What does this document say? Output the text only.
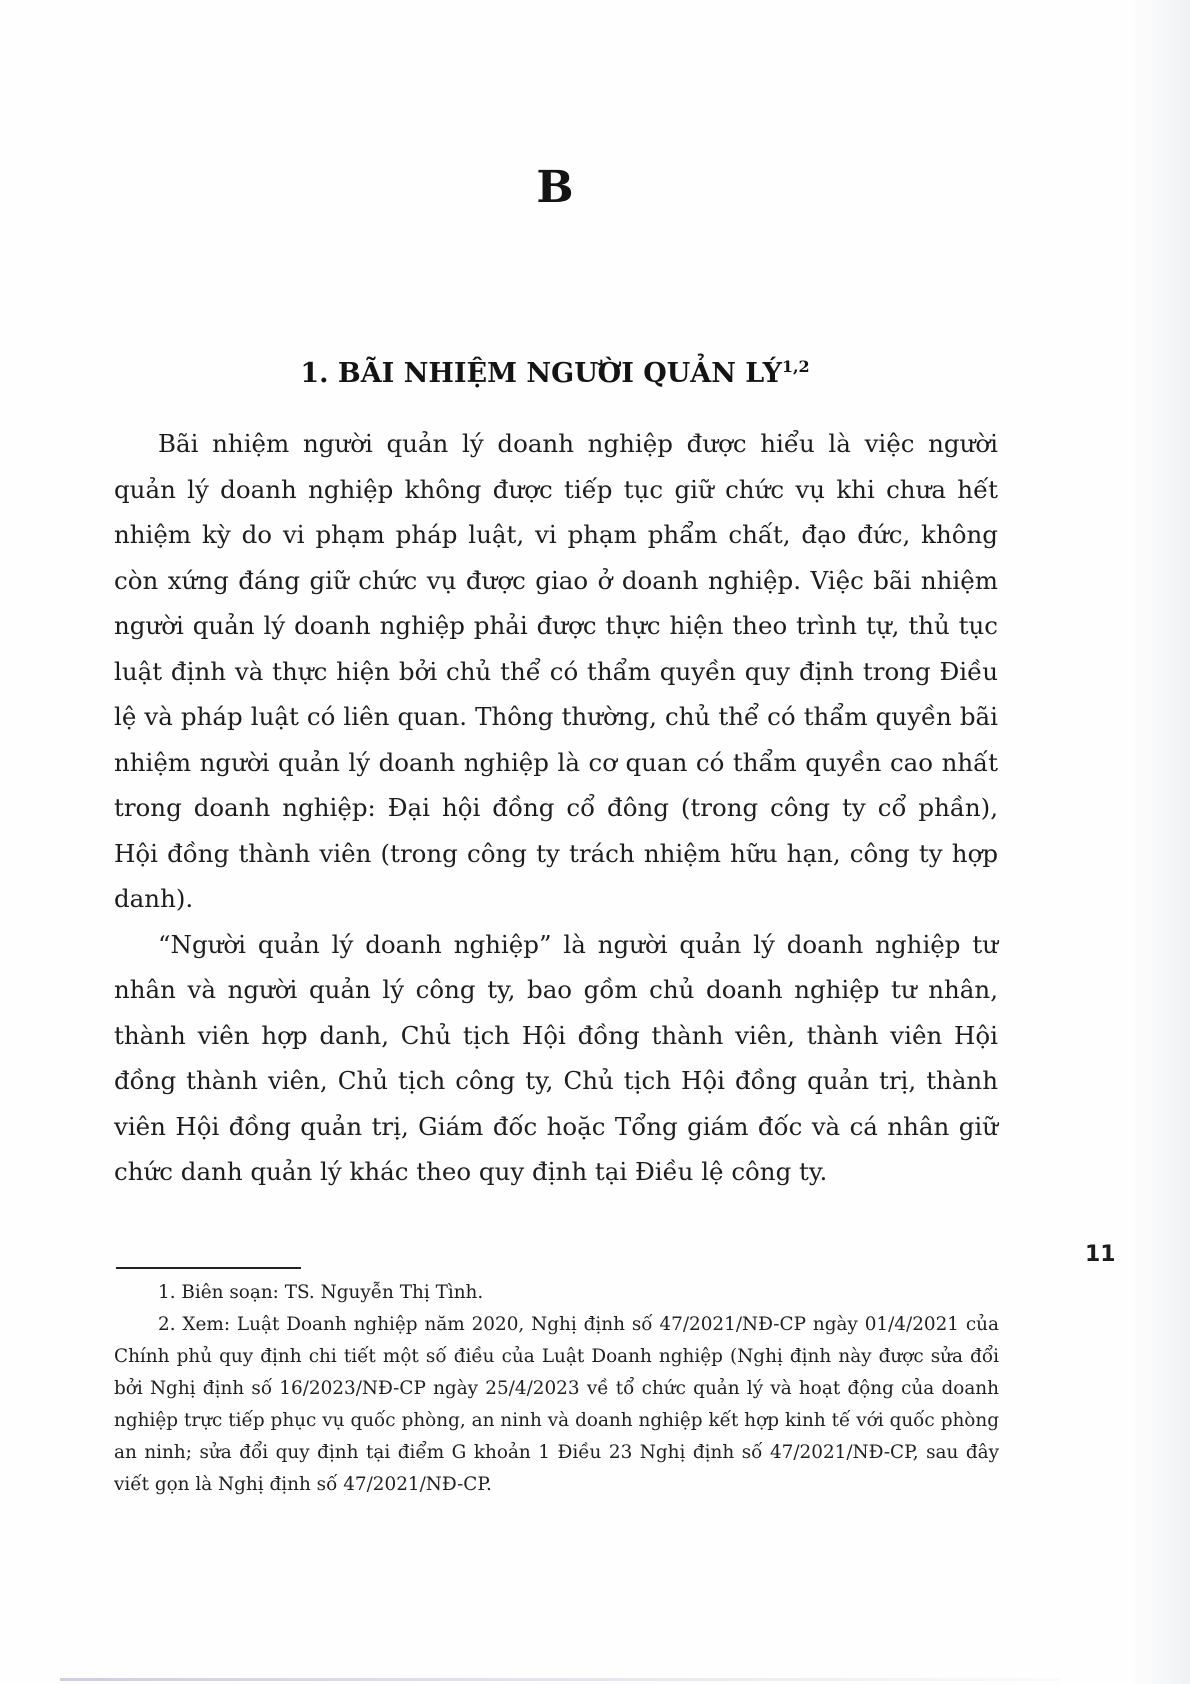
B
1. BÃI NHIỆM NGƯỜI QUẢN LÝ$^{1,2}$

Bãi nhiệm người quản lý doanh nghiệp được hiểu là việc người quản lý doanh nghiệp không được tiếp tục giữ chức vụ khi chưa hết nhiệm kỳ do vi phạm pháp luật, vi phạm phẩm chất, đạo đức, không còn xứng đáng giữ chức vụ được giao ở doanh nghiệp. Việc bãi nhiệm người quản lý doanh nghiệp phải được thực hiện theo trình tự, thủ tục luật định và thực hiện bởi chủ thể có thẩm quyền quy định trong Điều lệ và pháp luật có liên quan. Thông thường, chủ thể có thẩm quyền bãi nhiệm người quản lý doanh nghiệp là cơ quan có thẩm quyền cao nhất trong doanh nghiệp: Đại hội đồng cổ đông (trong công ty cổ phần), Hội đồng thành viên (trong công ty trách nhiệm hữu hạn, công ty hợp danh).

“Người quản lý doanh nghiệp” là người quản lý doanh nghiệp tư nhân và người quản lý công ty, bao gồm chủ doanh nghiệp tư nhân, thành viên hợp danh, Chủ tịch Hội đồng thành viên, thành viên Hội đồng thành viên, Chủ tịch công ty, Chủ tịch Hội đồng quản trị, thành viên Hội đồng quản trị, Giám đốc hoặc Tổng giám đốc và cá nhân giữ chức danh quản lý khác theo quy định tại Điều lệ công ty.

11

1. Biên soạn: TS. Nguyễn Thị Tình.

2. Xem: Luật Doanh nghiệp năm 2020, Nghị định số 47/2021/NĐ-CP ngày 01/4/2021 của Chính phủ quy định chi tiết một số điều của Luật Doanh nghiệp (Nghị định này được sửa đổi bởi Nghị định số 16/2023/NĐ-CP ngày 25/4/2023 về tổ chức quản lý và hoạt động của doanh nghiệp trực tiếp phục vụ quốc phòng, an ninh và doanh nghiệp kết hợp kinh tế với quốc phòng an ninh; sửa đổi quy định tại điểm G khoản 1 Điều 23 Nghị định số 47/2021/NĐ-CP, sau đây viết gọn là Nghị định số 47/2021/NĐ-CP.
